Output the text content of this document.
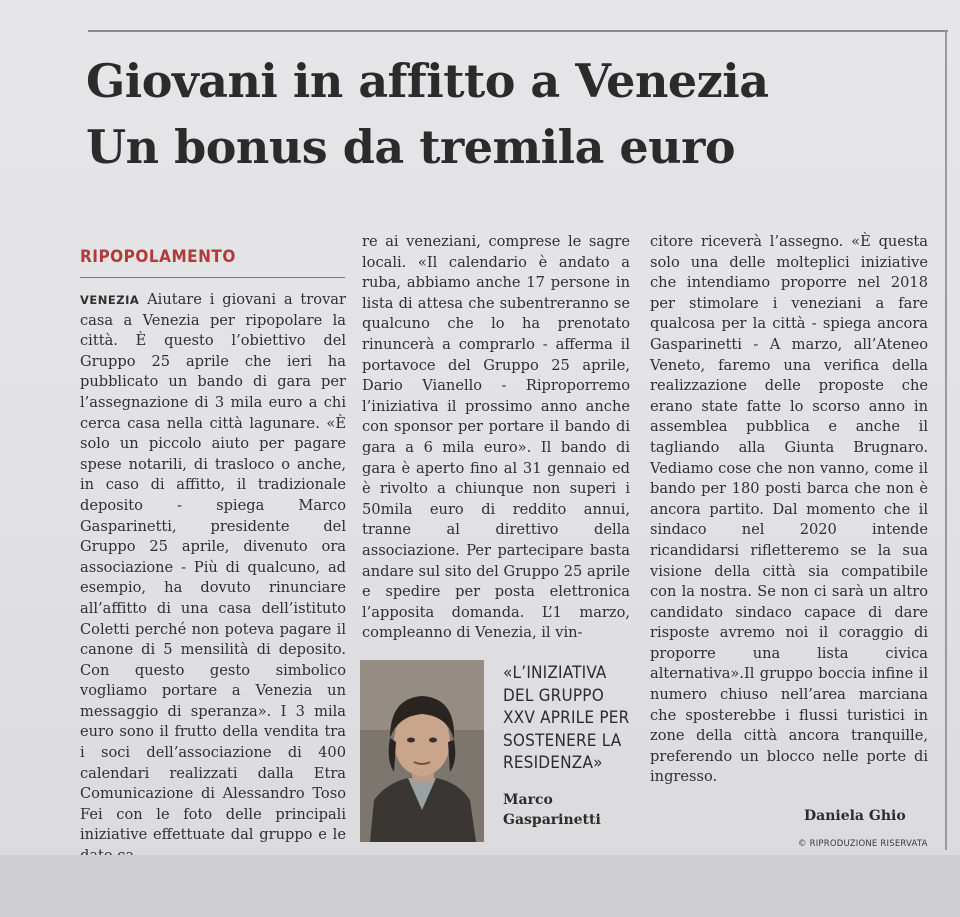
Giovani in affitto a Venezia
Un bonus da tremila euro
RIPOPOLAMENTO

VENEZIA Aiutare i giovani a trovar casa a Venezia per ripopolare la città. È questo l’obiettivo del Gruppo 25 aprile che ieri ha pubblicato un bando di gara per l’assegnazione di 3 mila euro a chi cerca casa nella città lagunare. «È solo un piccolo aiuto per pagare spese notarili, di trasloco o anche, in caso di affitto, il tradizionale deposito - spiega Marco Gasparinetti, presidente del Gruppo 25 aprile, divenuto ora associazione - Più di qualcuno, ad esempio, ha dovuto rinunciare all’affitto di una casa dell’istituto Coletti perché non poteva pagare il canone di 5 mensilità di deposito. Con questo gesto simbolico vogliamo portare a Venezia un messaggio di speranza». I 3 mila euro sono il frutto della vendita tra i soci dell’associazione di 400 calendari realizzati dalla Etra Comunicazione di Alessandro Toso Fei con le foto delle principali iniziative effettuate dal gruppo e le

re ai veneziani, comprese le sagre locali. «Il calendario è andato a ruba, abbiamo anche 17 persone in lista di attesa che subentreranno se qualcuno che lo ha prenotato rinuncerà a comprarlo - afferma il portavoce del Gruppo 25 aprile, Dario Vianello - Riproporremo l’iniziativa il prossimo anno anche con sponsor per portare il bando di gara a 6 mila euro». Il bando di gara è aperto fino al 31 gennaio ed è rivolto a chiunque non superi i 50mila euro di reddito annui, tranne al direttivo della associazione. Per partecipare basta andare sul sito del Gruppo 25 aprile e spedire per posta elettronica l’apposita domanda. L’1 marzo, compleanno di Venezia, il vin-

citore riceverà l’assegno. «È questa solo una delle molteplici iniziative che intendiamo proporre nel 2018 per stimolare i veneziani a fare qualcosa per la città - spiega ancora Gasparinetti - A marzo, all’Ateneo Veneto, faremo una verifica della realizzazione delle proposte che erano state fatte lo scorso anno in assemblea pubblica e anche il tagliando alla Giunta Brugnaro. Vediamo cose che non vanno, come il bando per 180 posti barca che non è ancora partito. Dal momento che il sindaco nel 2020 intende ricandidarsi rifletteremo se la sua visione della città sia compatibile con la nostra. Se non ci sarà un altro candidato sindaco capace di dare risposte avremo noi il coraggio di proporre una lista civica alternativa».Il gruppo boccia infine il numero chiuso nell’area marciana che sposterebbe i flussi turistici in zone della città ancora tranquille, preferendo un blocco nelle porte di ingresso.

«L’INIZIATIVA DEL GRUPPO XXV APRILE PER SOSTENERE LA RESIDENZA»
Marco
Gasparinetti	Daniela Ghio
© RIPRODUZIONE RISERVATA
